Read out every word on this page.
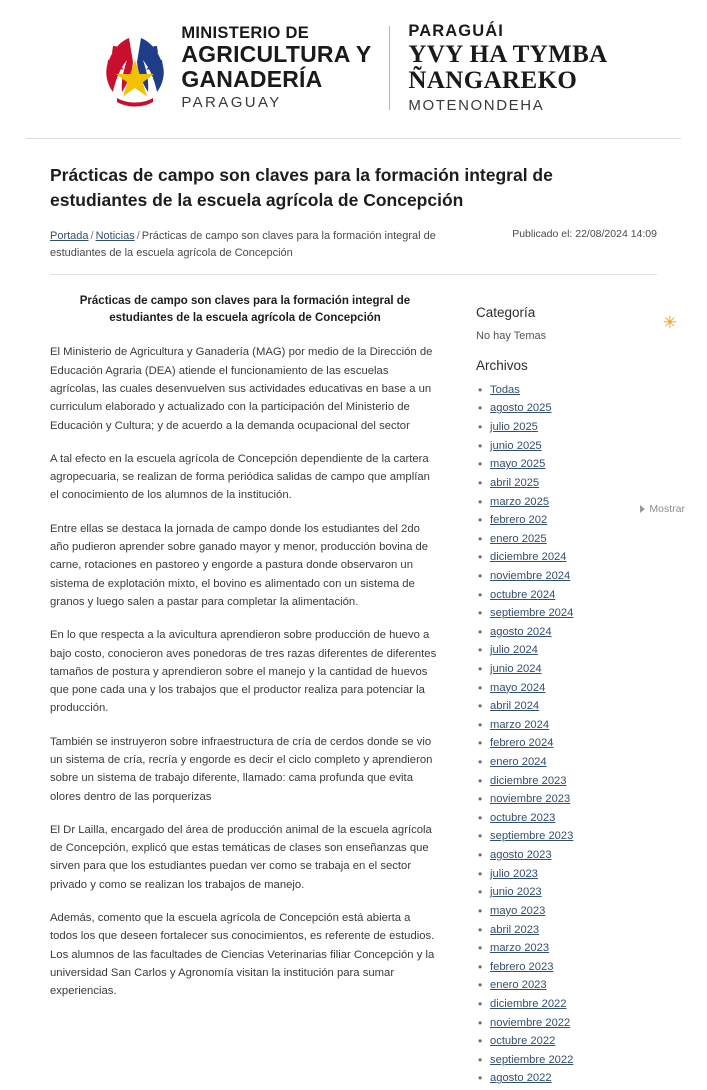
MINISTERIO DE
AGRICULTURA Y
GANADERÍA
PARAGUAY
PARAGUÁI
YVY HA TYMBA
ÑANGAREKO
MOTENONDEHA
Prácticas de campo son claves para la formación integral de estudiantes de la escuela agrícola de Concepción
Portada / Noticias / Prácticas de campo son claves para la formación integral de estudiantes de la escuela agrícola de Concepción
Publicado el: 22/08/2024 14:09
Prácticas de campo son claves para la formación integral de estudiantes de la escuela agrícola de Concepción

El Ministerio de Agricultura y Ganadería (MAG) por medio de la Dirección de Educación Agraria (DEA) atiende el funcionamiento de las escuelas agrícolas, las cuales desenvuelven sus actividades educativas en base a un curriculum elaborado y actualizado con la participación del Ministerio de Educación y Cultura; y de acuerdo a la demanda ocupacional del sector

A tal efecto en la escuela agrícola de Concepción dependiente de la cartera agropecuaria, se realizan de forma periódica salidas de campo que amplían el conocimiento de los alumnos de la institución.

Entre ellas se destaca la jornada de campo donde los estudiantes del 2do año pudieron aprender sobre ganado mayor y menor, producción bovina de carne, rotaciones en pastoreo y engorde a pastura donde observaron un sistema de explotación mixto, el bovino es alimentado con un sistema de granos y luego salen a pastar para completar la alimentación.

En lo que respecta a la avicultura aprendieron sobre producción de huevo a bajo costo, conocieron aves ponedoras de tres razas diferentes de diferentes tamaños de postura y aprendieron sobre el manejo y la cantidad de huevos que pone cada una y los trabajos que el productor realiza para potenciar la producción.

También se instruyeron sobre infraestructura de cría de cerdos donde se vio un sistema de cría, recría y engorde es decir el ciclo completo y aprendieron sobre un sistema de trabajo diferente, llamado: cama profunda que evita olores dentro de las porquerizas

El Dr Lailla, encargado del área de producción animal de la escuela agrícola de Concepción, explicó que estas temáticas de clases son enseñanzas que sirven para que los estudiantes puedan ver como se trabaja en el sector privado y como se realizan los trabajos de manejo.

Además, comento que la escuela agrícola de Concepción está abierta a todos los que deseen fortalecer sus conocimientos, es referente de estudios. Los alumnos de las facultades de Ciencias Veterinarias filiar Concepción y la universidad San Carlos y Agronomía visitan la institución para sumar experiencias.

Categoría
No hay Temas
Archivos
• Todas
• agosto 2025
• julio 2025
• junio 2025
• mayo 2025
• abril 2025
• marzo 2025
• febrero 202
• enero 2025
• diciembre 2024
• noviembre 2024
• octubre 2024
• septiembre 2024
• agosto 2024
• julio 2024
• junio 2024
• mayo 2024
• abril 2024
• marzo 2024
• febrero 2024
• enero 2024
• diciembre 2023
• noviembre 2023
• octubre 2023
• septiembre 2023
• agosto 2023
• julio 2023
• junio 2023
• mayo 2023
• abril 2023
• marzo 2023
• febrero 2023
• enero 2023
• diciembre 2022
• noviembre 2022
• octubre 2022
• septiembre 2022
• agosto 2022
✳
Mostrar
